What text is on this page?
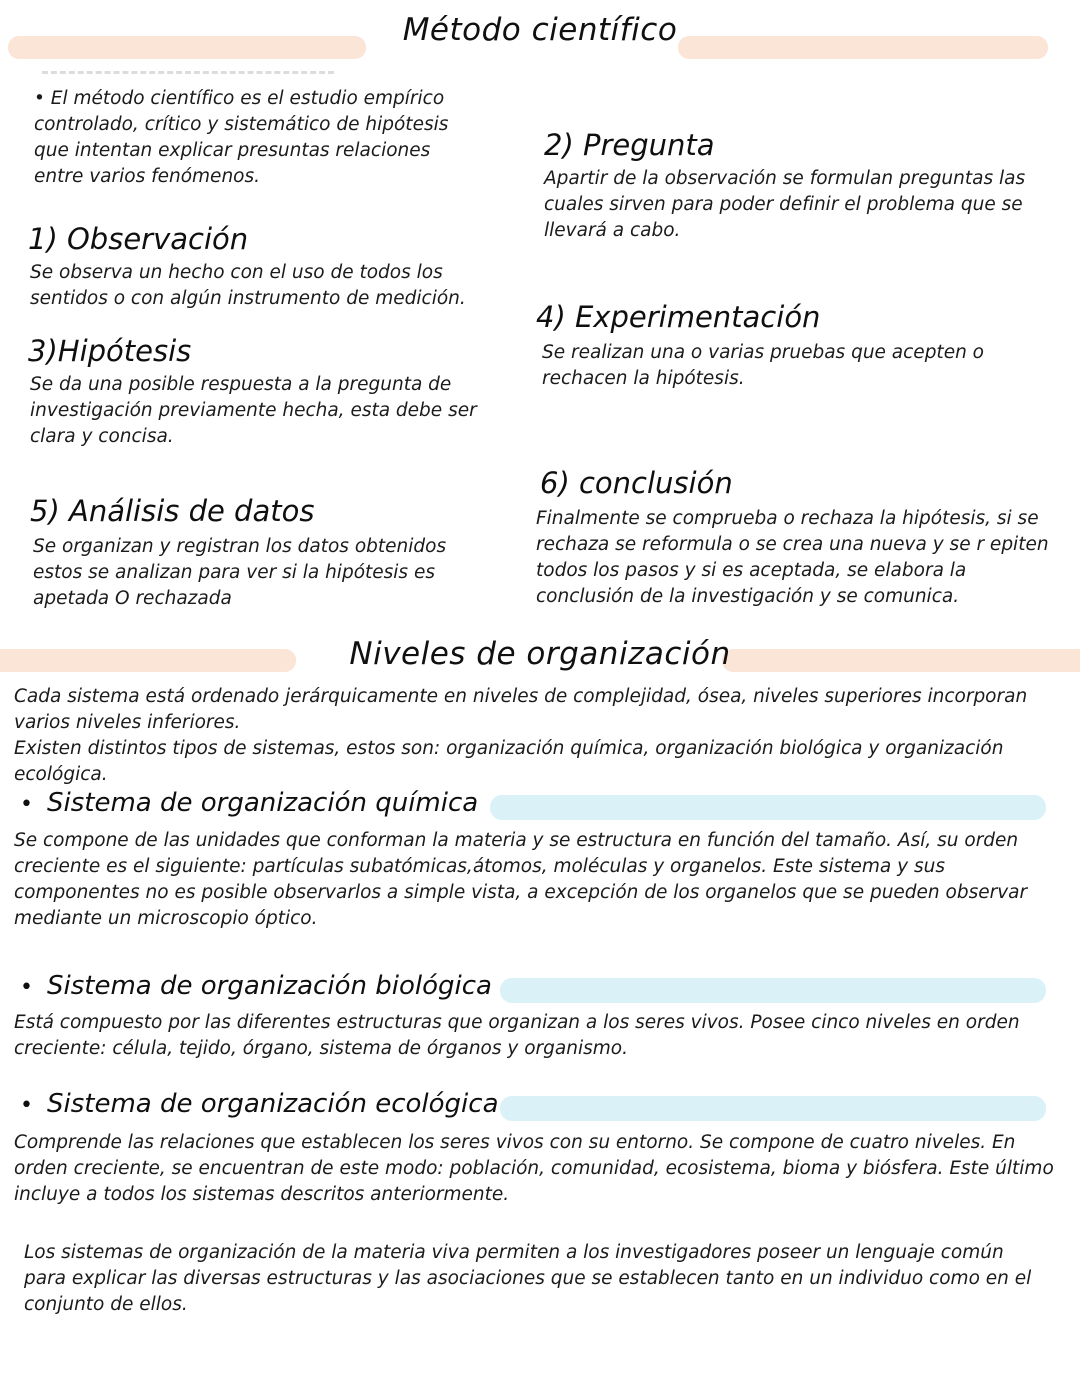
Método científico
• El método científico es el estudio empírico controlado, crítico y sistemático de hipótesis que intentan explicar presuntas relaciones entre varios fenómenos.
1) Observación
Se observa un hecho con el uso de todos los sentidos o con algún instrumento de medición.
2) Pregunta
Apartir de la observación se formulan preguntas las cuales sirven para poder definir el problema que se llevará a cabo.
3)Hipótesis
Se da una posible respuesta a la pregunta de investigación previamente hecha, esta debe ser clara y concisa.
4) Experimentación
Se realizan una o varias pruebas que acepten o rechacen la hipótesis.
5) Análisis de datos
Se organizan y registran los datos obtenidos estos se analizan para ver si la hipótesis es apetada O rechazada
6) conclusión
Finalmente se comprueba o rechaza la hipótesis, si se rechaza se reformula o se crea una nueva y se r epiten todos los pasos y si es aceptada, se elabora la conclusión de la investigación y se comunica.
Niveles de organización

Cada sistema está ordenado jerárquicamente en niveles de complejidad, ósea, niveles superiores incorporan varios niveles inferiores.

Existen distintos tipos de sistemas, estos son: organización química, organización biológica y organización ecológica.

• Sistema de organización química
Se compone de las unidades que conforman la materia y se estructura en función del tamaño. Así, su orden creciente es el siguiente: partículas subatómicas,átomos, moléculas y organelos. Este sistema y sus componentes no es posible observarlos a simple vista, a excepción de los organelos que se pueden observar mediante un microscopio óptico.
• Sistema de organización biológica
Está compuesto por las diferentes estructuras que organizan a los seres vivos. Posee cinco niveles en orden creciente: célula, tejido, órgano, sistema de órganos y organismo.
• Sistema de organización ecológica
Comprende las relaciones que establecen los seres vivos con su entorno. Se compone de cuatro niveles. En orden creciente, se encuentran de este modo: población, comunidad, ecosistema, bioma y biósfera. Este último incluye a todos los sistemas descritos anteriormente.
Los sistemas de organización de la materia viva permiten a los investigadores poseer un lenguaje común para explicar las diversas estructuras y las asociaciones que se establecen tanto en un individuo como en el conjunto de ellos.
